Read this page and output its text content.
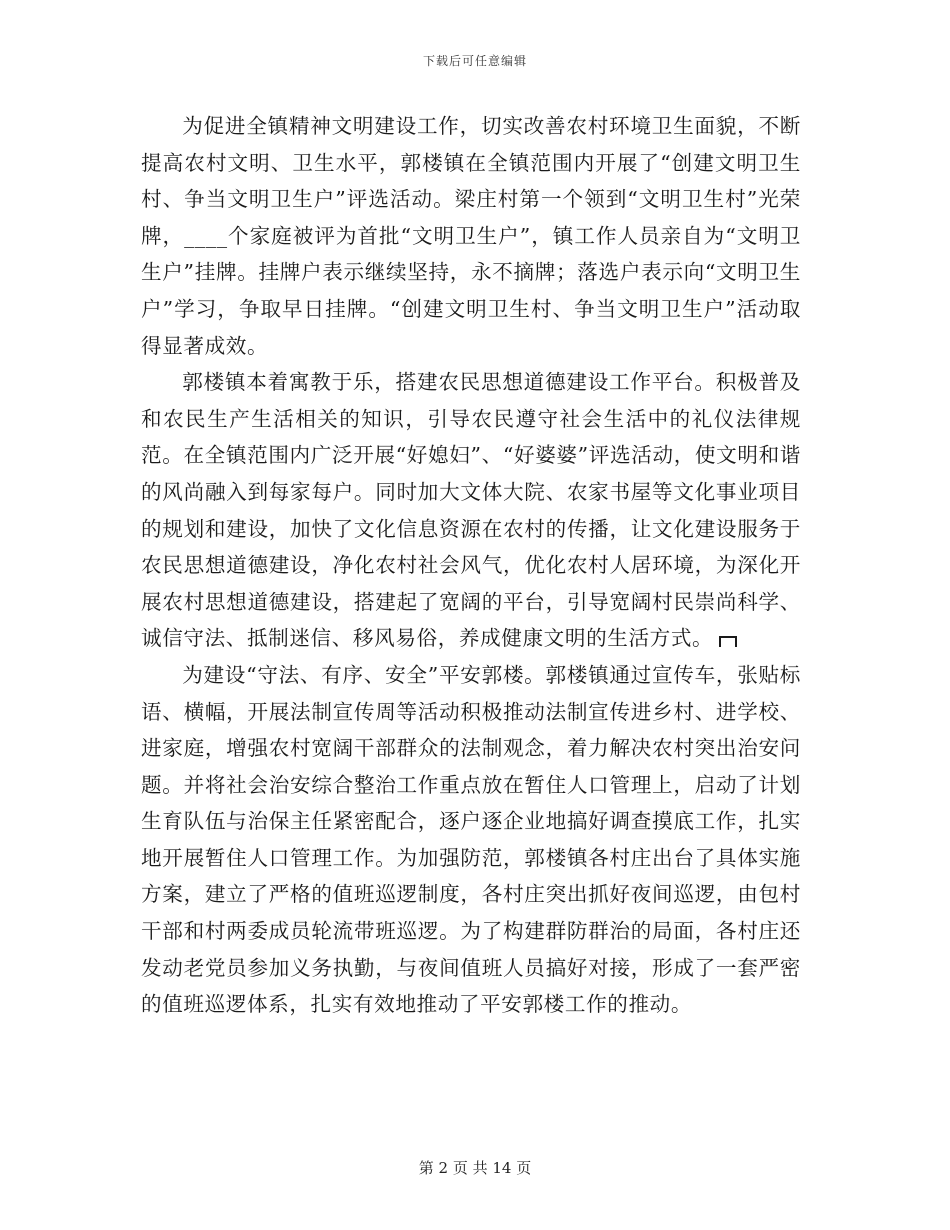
下载后可任意编辑

为促进全镇精神文明建设工作，切实改善农村环境卫生面貌，不断提高农村文明、卫生水平，郭楼镇在全镇范围内开展了“创建文明卫生村、争当文明卫生户”评选活动。梁庄村第一个领到“文明卫生村”光荣牌，____个家庭被评为首批“文明卫生户”，镇工作人员亲自为“文明卫生户”挂牌。挂牌户表示继续坚持，永不摘牌；落选户表示向“文明卫生户”学习，争取早日挂牌。“创建文明卫生村、争当文明卫生户”活动取得显著成效。

郭楼镇本着寓教于乐，搭建农民思想道德建设工作平台。积极普及和农民生产生活相关的知识，引导农民遵守社会生活中的礼仪法律规范。在全镇范围内广泛开展“好媳妇”、“好婆婆”评选活动，使文明和谐的风尚融入到每家每户。同时加大文体大院、农家书屋等文化事业项目的规划和建设，加快了文化信息资源在农村的传播，让文化建设服务于农民思想道德建设，净化农村社会风气，优化农村人居环境，为深化开展农村思想道德建设，搭建起了宽阔的平台，引导宽阔村民崇尚科学、诚信守法、抵制迷信、移风易俗，养成健康文明的生活方式。

为建设“守法、有序、安全”平安郭楼。郭楼镇通过宣传车，张贴标语、横幅，开展法制宣传周等活动积极推动法制宣传进乡村、进学校、进家庭，增强农村宽阔干部群众的法制观念，着力解决农村突出治安问题。并将社会治安综合整治工作重点放在暂住人口管理上，启动了计划生育队伍与治保主任紧密配合，逐户逐企业地搞好调查摸底工作，扎实地开展暂住人口管理工作。为加强防范，郭楼镇各村庄出台了具体实施方案，建立了严格的值班巡逻制度，各村庄突出抓好夜间巡逻，由包村干部和村两委成员轮流带班巡逻。为了构建群防群治的局面，各村庄还发动老党员参加义务执勤，与夜间值班人员搞好对接，形成了一套严密的值班巡逻体系，扎实有效地推动了平安郭楼工作的推动。

第 2 页 共 14 页
